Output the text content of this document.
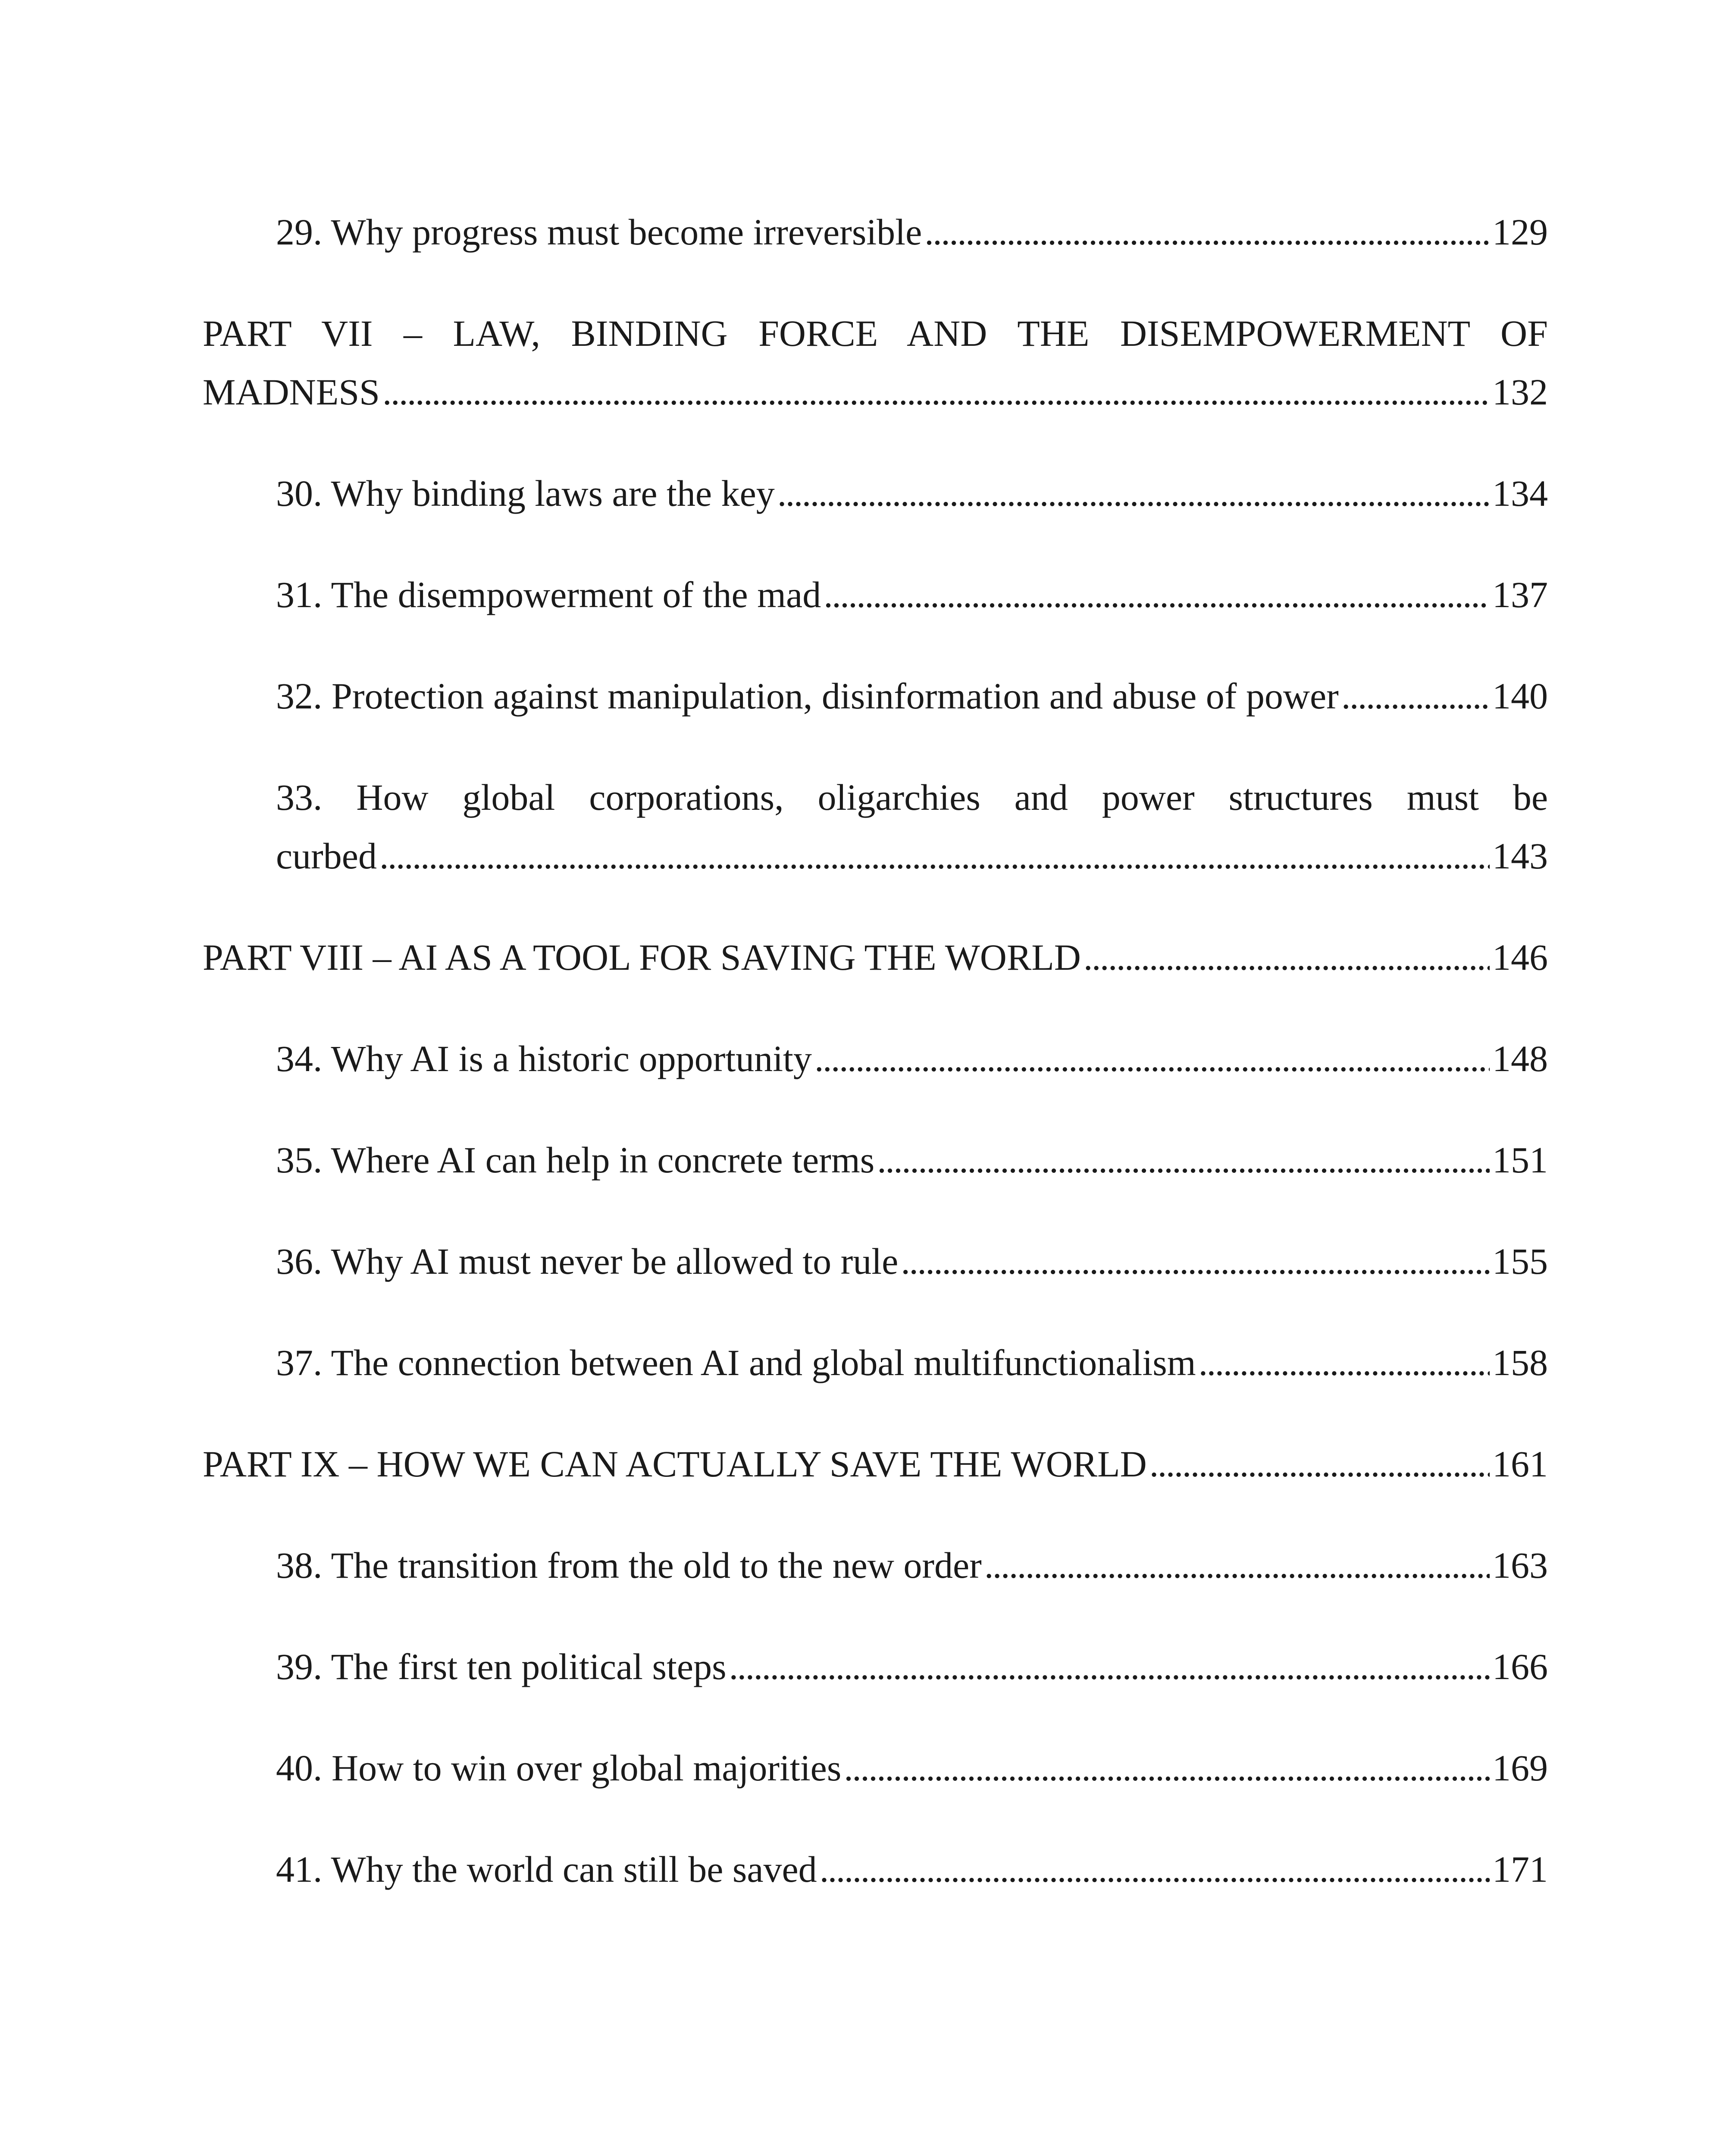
29. Why progress must become irreversible . . .	129
PART VII – LAW, BINDING FORCE AND THE DISEMPOWERMENT OF
MADNESS . . .	132
30. Why binding laws are the key . . .	134
31. The disempowerment of the mad . . .	137
32. Protection against manipulation, disinformation and abuse of power . . .	140
33. How global corporations, oligarchies and power structures must be
curbed . . .	143
PART VIII – AI AS A TOOL FOR SAVING THE WORLD . . .	146
34. Why AI is a historic opportunity . . .	148
35. Where AI can help in concrete terms . . .	151
36. Why AI must never be allowed to rule . . .	155
37. The connection between AI and global multifunctionalism . . .	158
PART IX – HOW WE CAN ACTUALLY SAVE THE WORLD . . .	161
38. The transition from the old to the new order . . .	163
39. The first ten political steps . . .	166
40. How to win over global majorities . . .	169
41. Why the world can still be saved . . .	171
